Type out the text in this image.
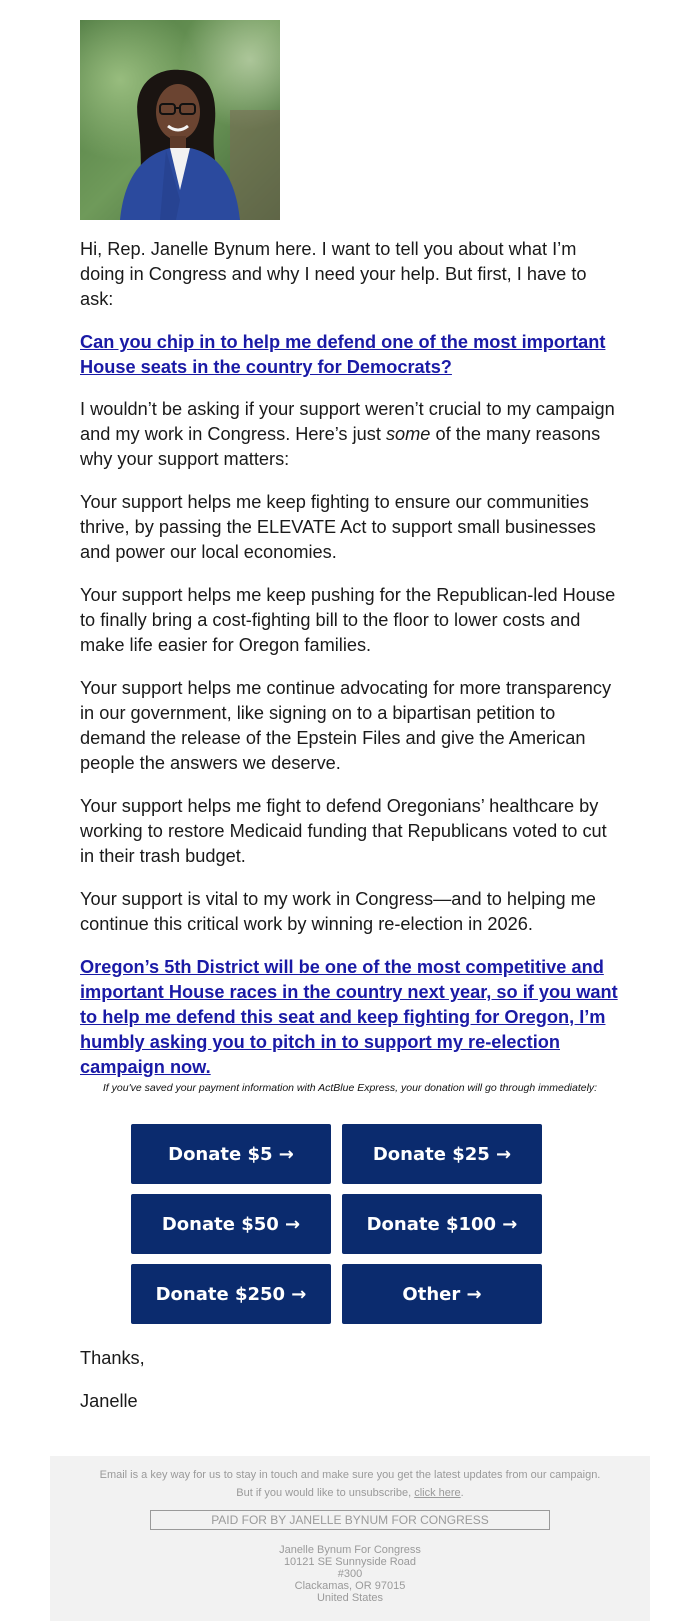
Hi, Rep. Janelle Bynum here. I want to tell you about what I’m doing in Congress and why I need your help. But first, I have to ask:

Can you chip in to help me defend one of the most important House seats in the country for Democrats?

I wouldn’t be asking if your support weren’t crucial to my campaign and my work in Congress. Here’s just some of the many reasons why your support matters:

Your support helps me keep fighting to ensure our communities thrive, by passing the ELEVATE Act to support small businesses and power our local economies.

Your support helps me keep pushing for the Republican-led House to finally bring a cost-fighting bill to the floor to lower costs and make life easier for Oregon families.

Your support helps me continue advocating for more transparency in our government, like signing on to a bipartisan petition to demand the release of the Epstein Files and give the American people the answers we deserve.

Your support helps me fight to defend Oregonians’ healthcare by working to restore Medicaid funding that Republicans voted to cut in their trash budget.

Your support is vital to my work in Congress—and to helping me continue this critical work by winning re-election in 2026.

Oregon’s 5th District will be one of the most competitive and important House races in the country next year, so if you want to help me defend this seat and keep fighting for Oregon, I’m humbly asking you to pitch in to support my re-election campaign now.

If you've saved your payment information with ActBlue Express, your donation will go through immediately:
Donate $5 →	Donate $25 →
Donate $50 →	Donate $100 →
Donate $250 →	Other →
Thanks,
Janelle
Email is a key way for us to stay in touch and make sure you get the latest updates from our campaign.
But if you would like to unsubscribe, click here.
PAID FOR BY JANELLE BYNUM FOR CONGRESS
Janelle Bynum For Congress
10121 SE Sunnyside Road
#300
Clackamas, OR 97015
United States
